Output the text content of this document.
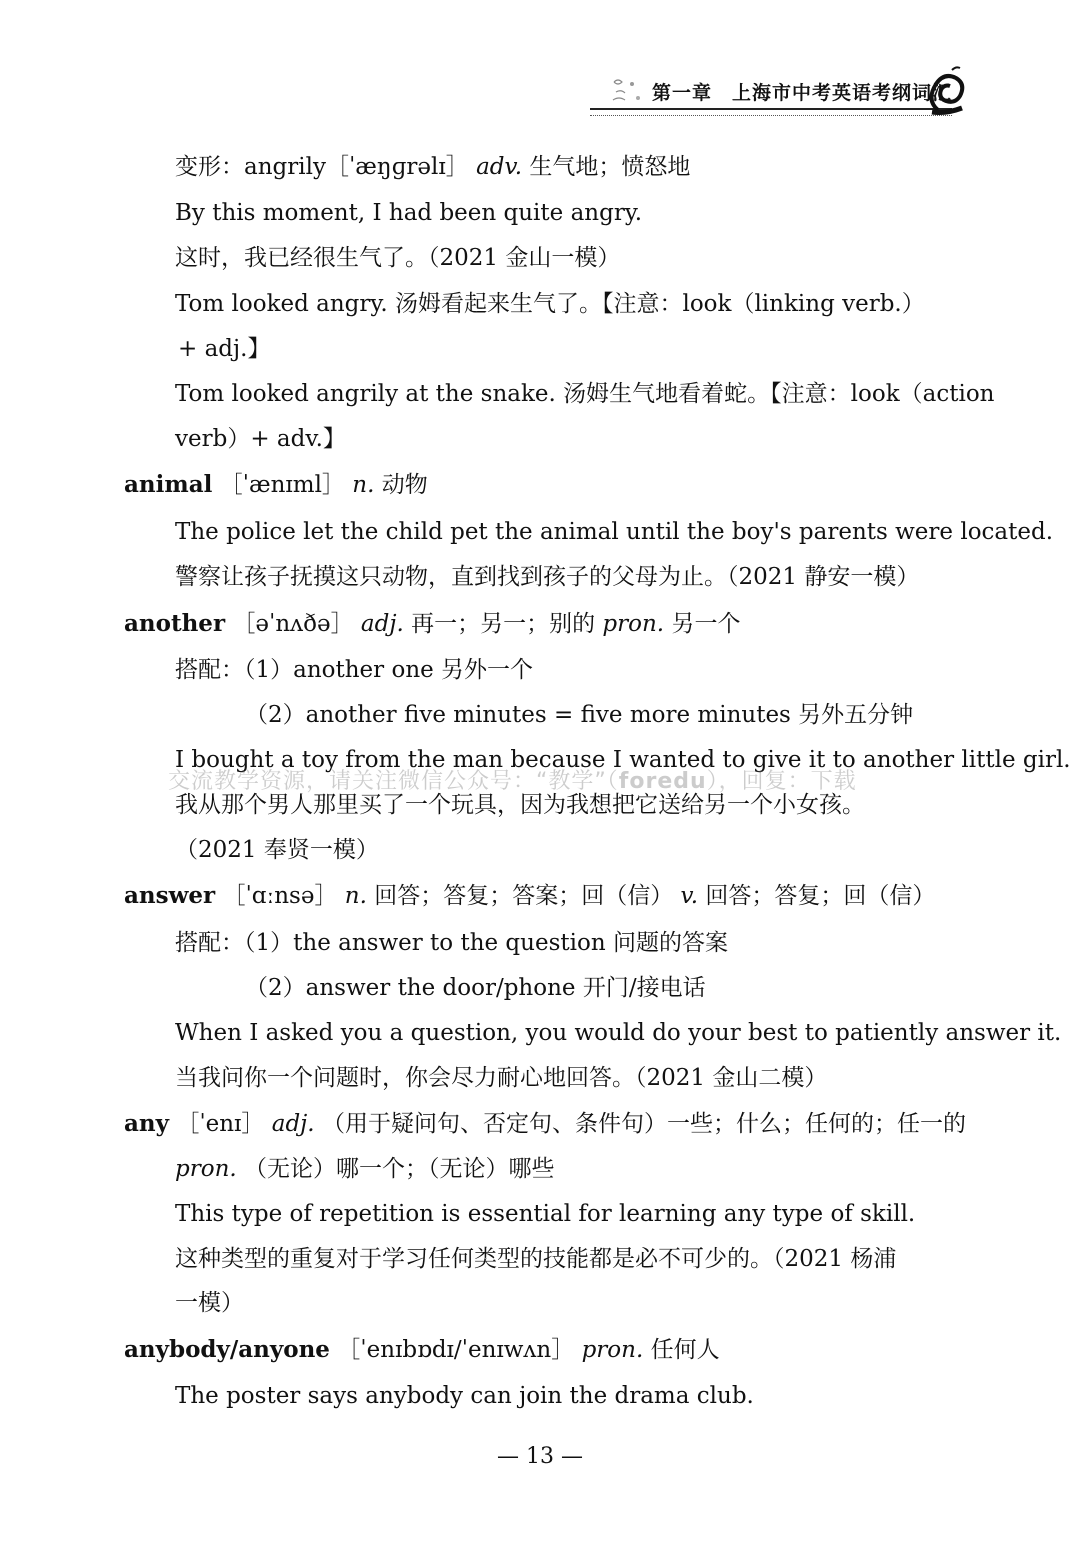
第一章　上海市中考英语考纲词汇
变形：angrily［ˈæŋɡrəlɪ］ adv. 生气地；愤怒地
By this moment, I had been quite angry.
这时，我已经很生气了。（2021 金山一模）
Tom looked angry. 汤姆看起来生气了。【注意：look（linking verb.）
+ adj.】
Tom looked angrily at the snake. 汤姆生气地看着蛇。【注意：look（action
verb）+ adv.】
animal ［ˈænɪml］ n. 动物
The police let the child pet the animal until the boy's parents were located.
警察让孩子抚摸这只动物，直到找到孩子的父母为止。（2021 静安一模）
another ［əˈnʌðə］ adj. 再一；另一；别的 pron. 另一个
搭配：（1）another one 另外一个
（2）another five minutes = five more minutes 另外五分钟
I bought a toy from the man because I wanted to give it to another little girl.
我从那个男人那里买了一个玩具，因为我想把它送给另一个小女孩。
（2021 奉贤一模）
answer ［ˈɑːnsə］ n. 回答；答复；答案；回（信） v. 回答；答复；回（信）
搭配：（1）the answer to the question 问题的答案
（2）answer the door/phone 开门/接电话
When I asked you a question, you would do your best to patiently answer it.
当我问你一个问题时，你会尽力耐心地回答。（2021 金山二模）
any ［ˈenɪ］ adj. （用于疑问句、否定句、条件句）一些；什么；任何的；任一的
pron. （无论）哪一个；（无论）哪些
This type of repetition is essential for learning any type of skill.
这种类型的重复对于学习任何类型的技能都是必不可少的。（2021 杨浦
一模）
anybody/anyone ［ˈenɪbɒdɪ/ˈenɪwʌn］ pron. 任何人
The poster says anybody can join the drama club.
交流教学资源，请关注微信公众号：“教学”（foredu），回复：下载
— 13 —
